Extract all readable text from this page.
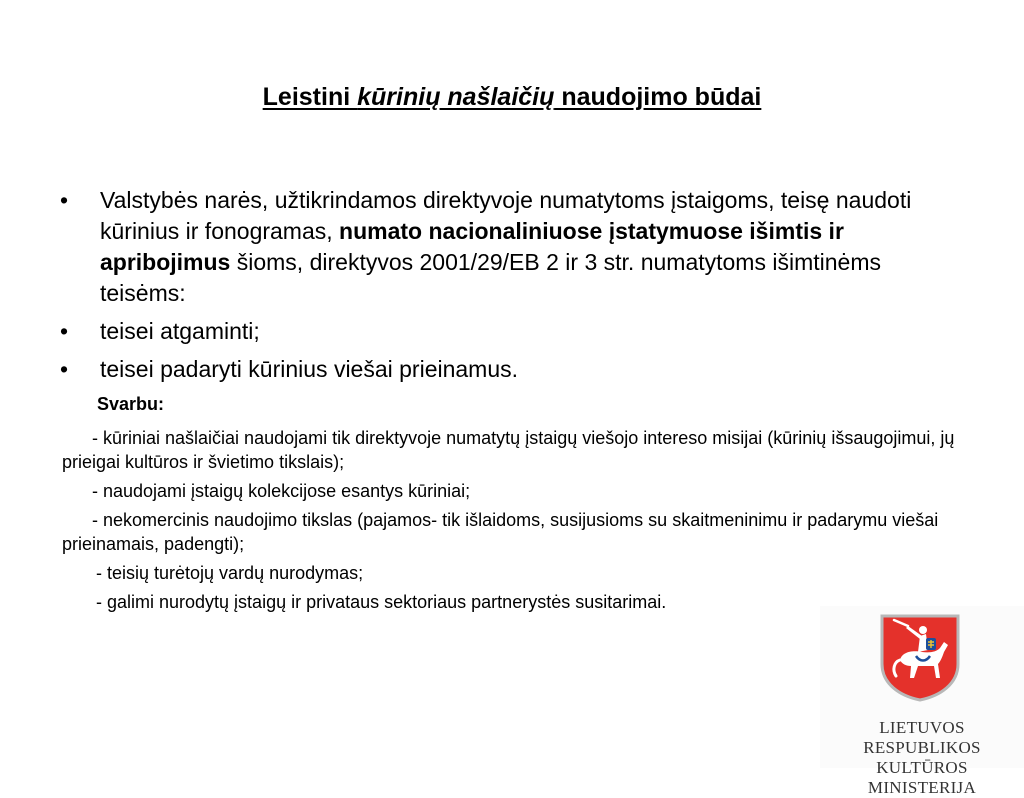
Leistini kūrinių našlaičių naudojimo būdai
•	Valstybės narės, užtikrindamos direktyvoje numatytoms įstaigoms, teisę naudoti kūrinius ir fonogramas, numato nacionaliniuose įstatymuose išimtis ir apribojimus šioms, direktyvos 2001/29/EB 2 ir 3 str. numatytoms išimtinėms teisėms:
•	teisei atgaminti;
•	teisei padaryti kūrinius viešai prieinamus.
Svarbu:
- kūriniai našlaičiai naudojami tik direktyvoje numatytų įstaigų viešojo intereso misijai (kūrinių išsaugojimui, jų prieigai kultūros ir švietimo tikslais);
- naudojami įstaigų kolekcijose esantys kūriniai;
- nekomercinis naudojimo tikslas (pajamos- tik išlaidoms, susijusioms su skaitmeninimu ir padarymu viešai prieinamais, padengti);
- teisių turėtojų vardų nurodymas;
- galimi nurodytų įstaigų ir privataus sektoriaus partnerystės susitarimai.
LIETUVOS RESPUBLIKOS
KULTŪROS MINISTERIJA
